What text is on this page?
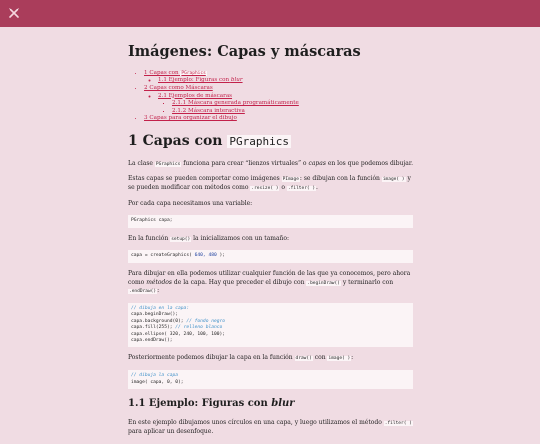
Imágenes: Capas y máscaras
• 1 Capas con PGraphics
◦ 1.1 Ejemplo: Figuras con blur
• 2 Capas como Máscaras
◦ 2.1 Ejemplos de máscaras
▪ 2.1.1 Máscara generada programáticamente
▪ 2.1.2 Máscara interactiva
• 3 Capas para organizar el dibujo
1 Capas con PGraphics

La clase PGraphics funciona para crear “lienzos virtuales” o capas en los que podemos dibujar.

Estas capas se pueden comportar como imágenes PImage: se dibujan con la función image( ) y se pueden modificar con métodos como .resize( ) o .filter( ).

Por cada capa necesitamos una variable:

PGraphics capa;

En la función setup() la inicializamos con un tamaño:

capa = createGraphics( 640, 480 );

Para dibujar en ella podemos utilizar cualquier función de las que ya conocemos, pero ahora como métodos de la capa. Hay que preceder el dibujo con .beginDraw() y terminarlo con .endDraw():

// dibuja en la capa:
capa.beginDraw();
capa.background(0); // fondo negro
capa.fill(255); // relleno blanco
capa.ellipse( 320, 240, 100, 100);
capa.endDraw();

Posteriormente podemos dibujar la capa en la función draw() con image( ):

// dibuja la capa
image( capa, 0, 0);
1.1 Ejemplo: Figuras con blur

En este ejemplo dibujamos unos círculos en una capa, y luego utilizamos el método .filter( ) para aplicar un desenfoque.
